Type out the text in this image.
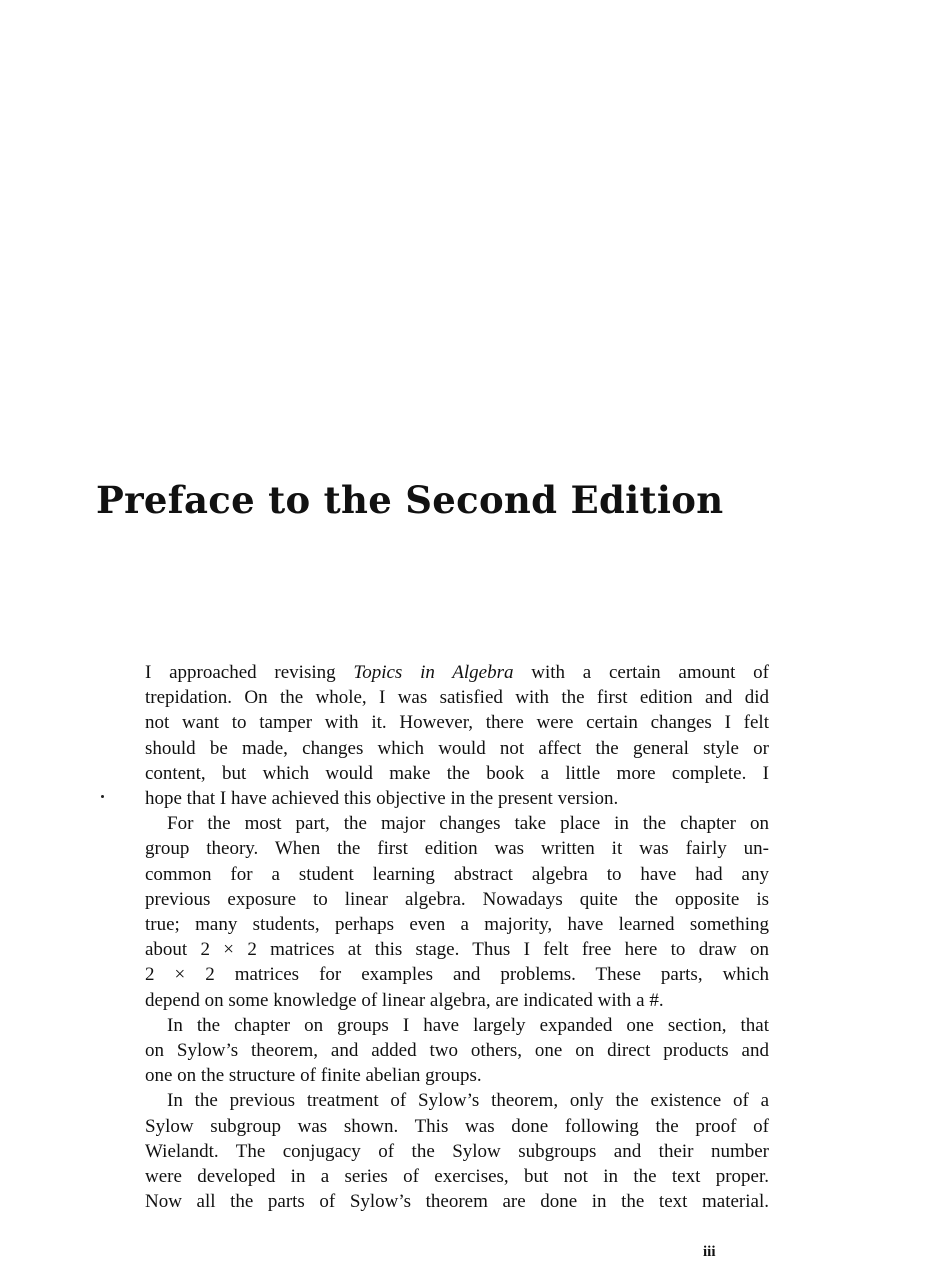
Preface to the Second Edition
I approached revising Topics in Algebra with a certain amount of
trepidation. On the whole, I was satisfied with the first edition and did
not want to tamper with it. However, there were certain changes I felt
should be made, changes which would not affect the general style or
content, but which would make the book a little more complete. I
hope that I have achieved this objective in the present version.
For the most part, the major changes take place in the chapter on
group theory. When the first edition was written it was fairly un-
common for a student learning abstract algebra to have had any
previous exposure to linear algebra. Nowadays quite the opposite is
true; many students, perhaps even a majority, have learned something
about 2 × 2 matrices at this stage. Thus I felt free here to draw on
2 × 2 matrices for examples and problems. These parts, which
depend on some knowledge of linear algebra, are indicated with a #.
In the chapter on groups I have largely expanded one section, that
on Sylow’s theorem, and added two others, one on direct products and
one on the structure of finite abelian groups.
In the previous treatment of Sylow’s theorem, only the existence of a
Sylow subgroup was shown. This was done following the proof of
Wielandt. The conjugacy of the Sylow subgroups and their number
were developed in a series of exercises, but not in the text proper.
Now all the parts of Sylow’s theorem are done in the text material.
iii
